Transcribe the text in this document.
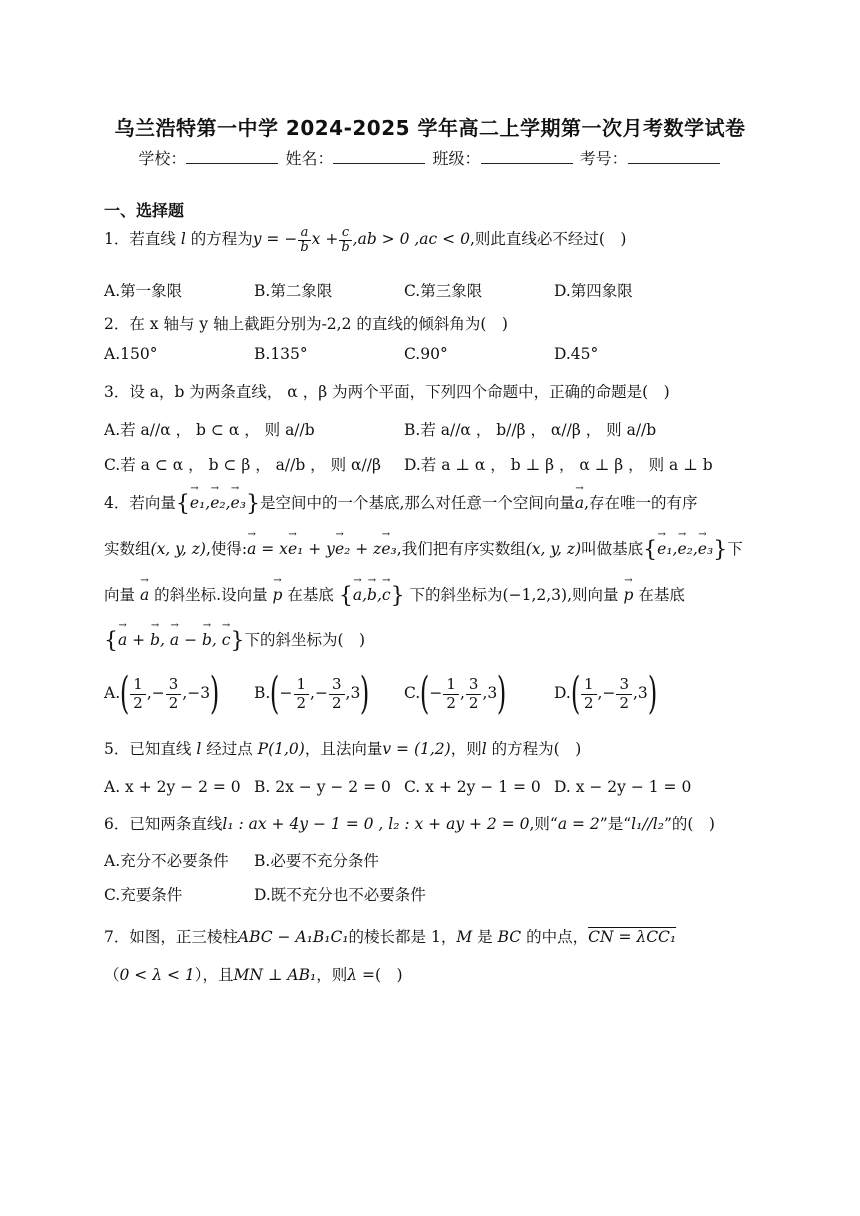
乌兰浩特第一中学 2024-2025 学年高二上学期第一次月考数学试卷
学校：	姓名：	班级：	考号：
一、选择题
1．若直线 l 的方程为y = − $\frac{a}{b}$ $x + \frac{c}{b} ,ab > 0$ ,ac < 0,则此直线必不经过(　)
A.第一象限	B.第二象限	C.第三象限	D.第四象限
2．在 x 轴与 y 轴上截距分别为-2,2 的直线的倾斜角为(　)
A.150°	B.135°	C.90°	D.45°
3．设 a，b 为两条直线， α ，β 为两个平面，下列四个命题中，正确的命题是(　)
A.若 a//α ， b ⊂ α ， 则 a//b	B.若 a//α ， b//β ， α//β ， 则 a//b
C.若 a ⊂ α ， b ⊂ β ， a//b ， 则 α//β D.若 a ⊥ α ， b ⊥ β ， α ⊥ β ， 则 a ⊥ b
4．若向量{→ e₁,→ e₂,→ e₃}是空间中的一个基底,那么对任意一个空间向量→ a,存在唯一的有序
实数组(x, y, z),使得:→ a = x→ e₁ + y→ e₂ + z→ e₃,我们把有序实数组(x, y, z)叫做基底{→ e₁,→ e₂,→ e₃}下
向量 → a 的斜坐标.设向量 → p 在基底 {→ a,→ b,→ c} 下的斜坐标为(−1,2,3),则向量 → p 在基底
{→ a + → b, → a − → b, → c}下的斜坐标为(　)
$A.( \frac{1}{2}$ ,− $\frac{3}{2} ,-3$) $B.(- \frac{1}{2}$ ,− $\frac{3}{2} ,3$) $C.(- \frac{1}{2}$ , $\frac{3}{2} ,3$)	$D.( \frac{1}{2}$ ,− $\frac{3}{2} ,3$)
5．已知直线 l 经过点 P(1,0)，且法向量v = (1,2)，则l 的方程为(　)
A. x + 2y − 2 = 0 B. 2x − y − 2 = 0 C. x + 2y − 1 = 0 D. x − 2y − 1 = 0
6．已知两条直线l₁ : ax + 4y − 1 = 0 , l₂ : x + ay + 2 = 0,则“a = 2”是“l₁//l₂”的(　)
A.充分不必要条件 B.必要不充分条件
C.充要条件	D.既不充分也不必要条件
7．如图，正三棱柱ABC − A₁B₁C₁的棱长都是 1，M 是 BC 的中点，CN = λCC₁
（0 < λ < 1），且MN ⊥ AB₁，则λ =(　)
